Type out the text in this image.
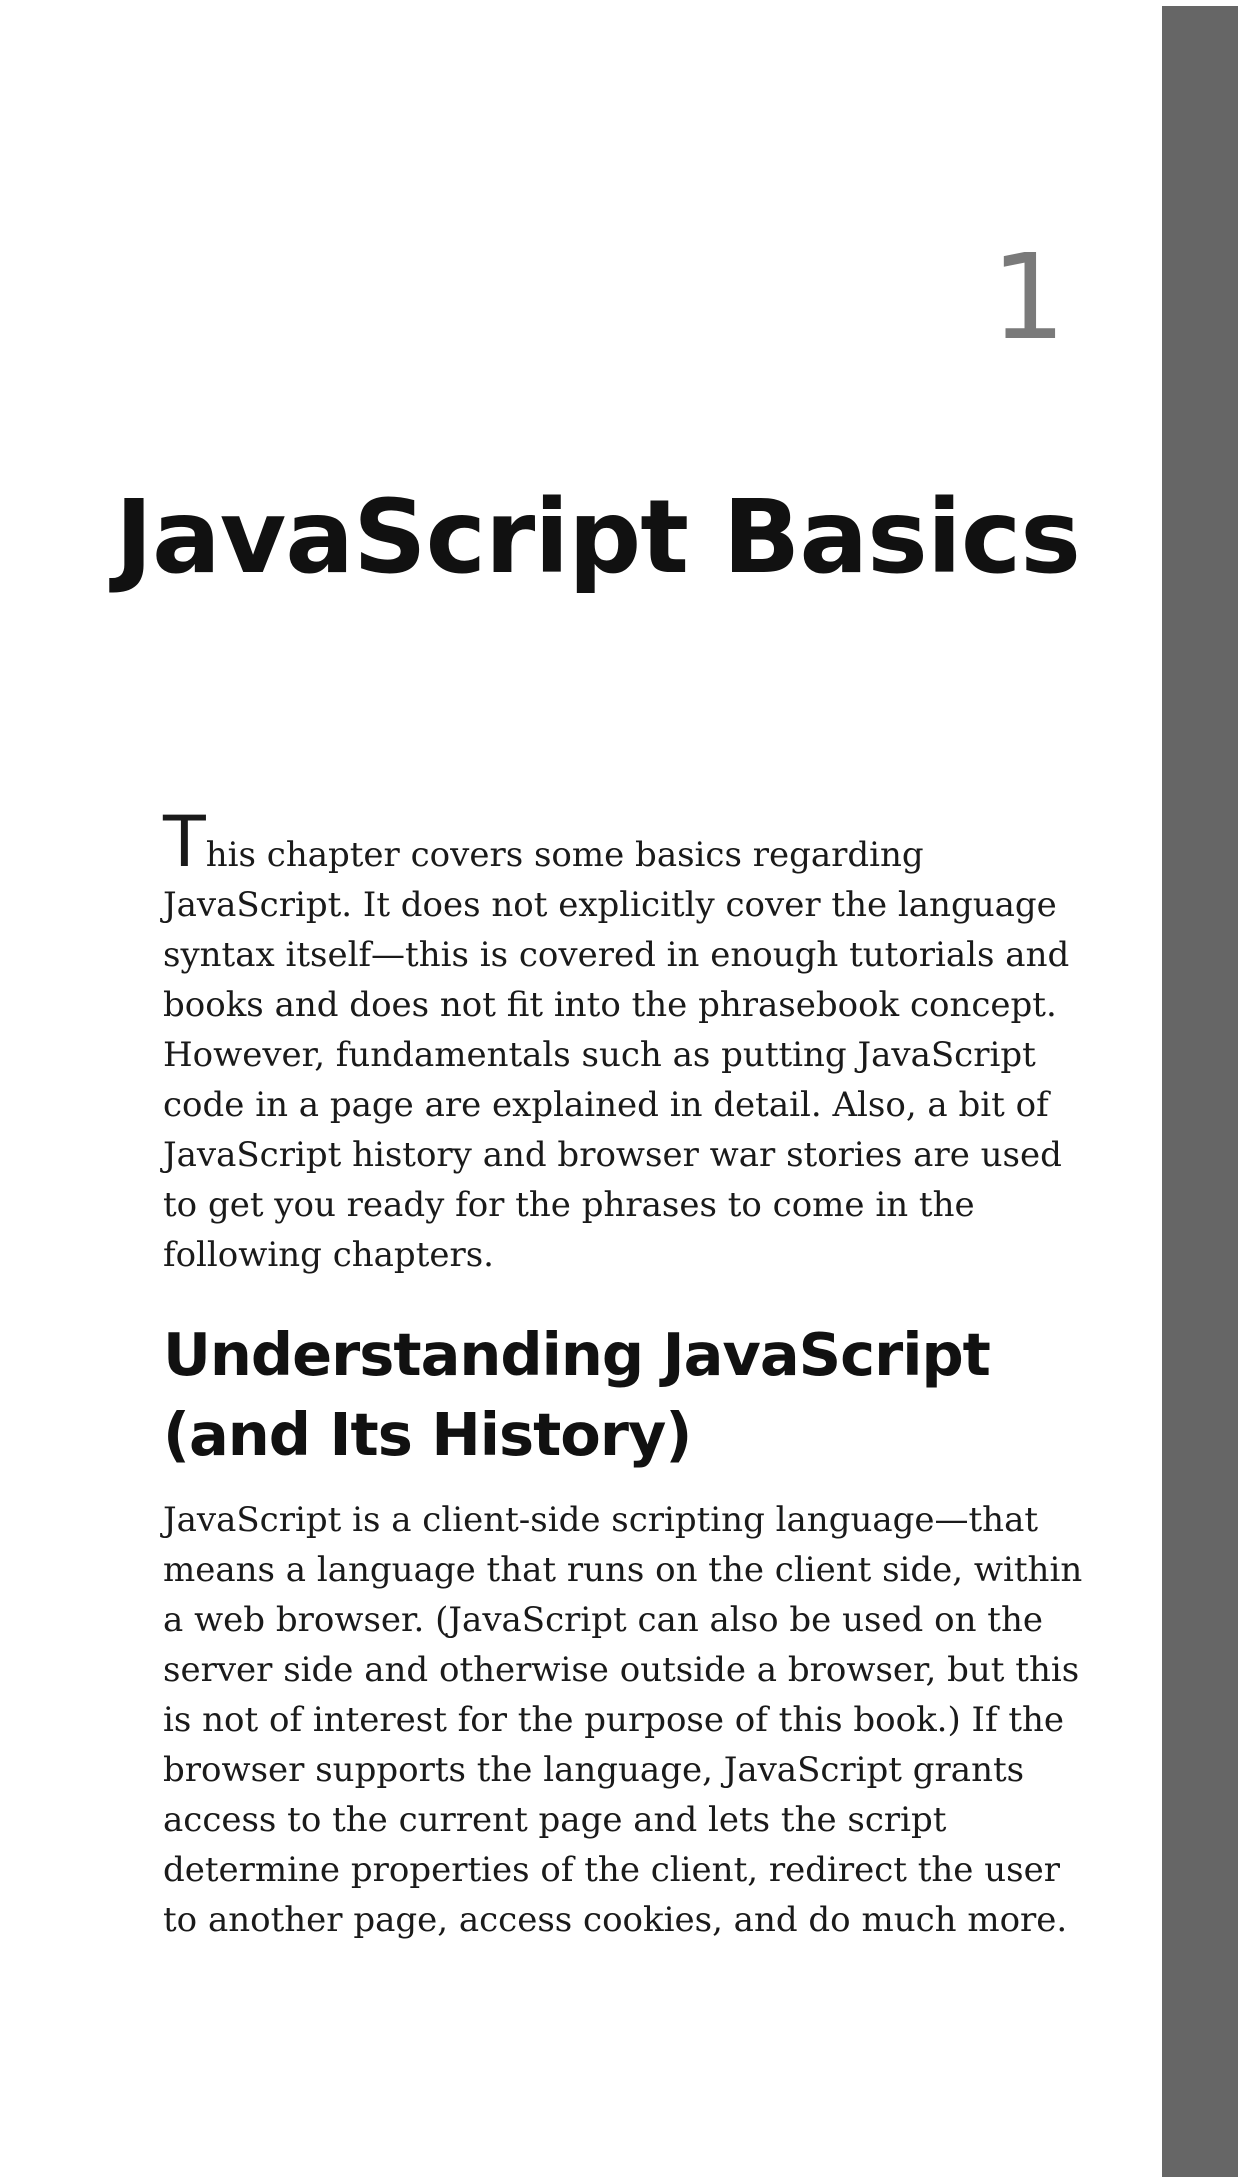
1
JavaScript Basics

This chapter covers some basics regarding JavaScript. It does not explicitly cover the language syntax itself—this is covered in enough tutorials and books and does not fit into the phrasebook concept. However, fundamentals such as putting JavaScript code in a page are explained in detail. Also, a bit of JavaScript history and browser war stories are used to get you ready for the phrases to come in the following chapters.

Understanding JavaScript (and Its History)

JavaScript is a client-side scripting language—that means a language that runs on the client side, within a web browser. (JavaScript can also be used on the server side and otherwise outside a browser, but this is not of interest for the purpose of this book.) If the browser supports the language, JavaScript grants access to the current page and lets the script determine properties of the client, redirect the user to another page, access cookies, and do much more.
